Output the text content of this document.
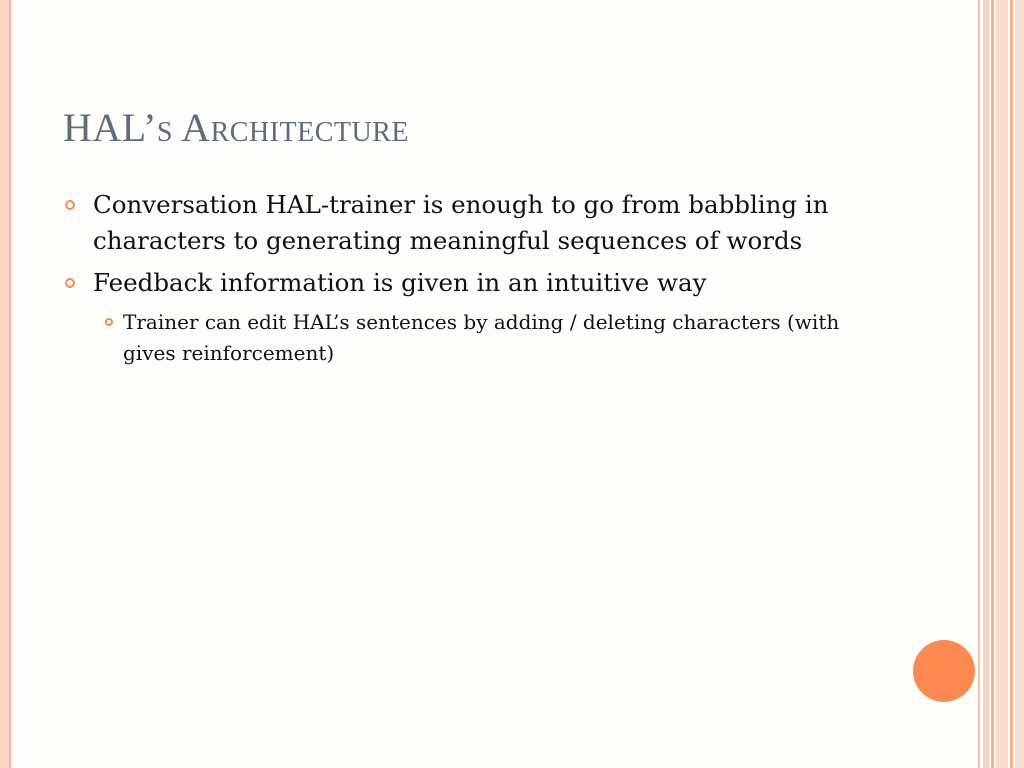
HAL’s Architecture
Conversation HAL-trainer is enough to go from babbling in characters to generating meaningful sequences of words
Feedback information is given in an intuitive way
Trainer can edit HAL’s sentences by adding / deleting characters (with gives reinforcement)
